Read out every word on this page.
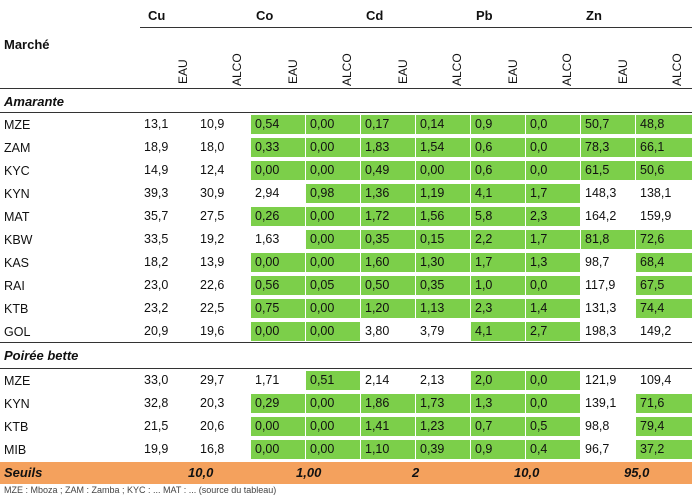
Marché
Cu	Co	Cd	Pb	Zn
EAU	ALCO	EAU	ALCO	EAU	ALCO	EAU	ALCO	EAU	ALCO
Amarante
MZE	13,1	10,9	0,54	0,00	0,17	0,14	0,9	0,0	50,7	48,8
ZAM	18,9	18,0	0,33	0,00	1,83	1,54	0,6	0,0	78,3	66,1
KYC	14,9	12,4	0,00	0,00	0,49	0,00	0,6	0,0	61,5	50,6
KYN	39,3	30,9	2,94	0,98	1,36	1,19	4,1	1,7	148,3	138,1
MAT	35,7	27,5	0,26	0,00	1,72	1,56	5,8	2,3	164,2	159,9
KBW	33,5	19,2	1,63	0,00	0,35	0,15	2,2	1,7	81,8	72,6
KAS	18,2	13,9	0,00	0,00	1,60	1,30	1,7	1,3	98,7	68,4
RAI	23,0	22,6	0,56	0,05	0,50	0,35	1,0	0,0	117,9	67,5
KTB	23,2	22,5	0,75	0,00	1,20	1,13	2,3	1,4	131,3	74,4
GOL	20,9	19,6	0,00	0,00	3,80	3,79	4,1	2,7	198,3	149,2
Poirée bette
MZE	33,0	29,7	1,71	0,51	2,14	2,13	2,0	0,0	121,9	109,4
KYN	32,8	20,3	0,29	0,00	1,86	1,73	1,3	0,0	139,1	71,6
KTB	21,5	20,6	0,00	0,00	1,41	1,23	0,7	0,5	98,8	79,4
MIB	19,9	16,8	0,00	0,00	1,10	0,39	0,9	0,4	96,7	37,2
Seuils	10,0	1,00	2	10,0	95,0
MZE : Mboza ; ZAM : Zamba ; KYC : ... MAT : ... (source du tableau)
